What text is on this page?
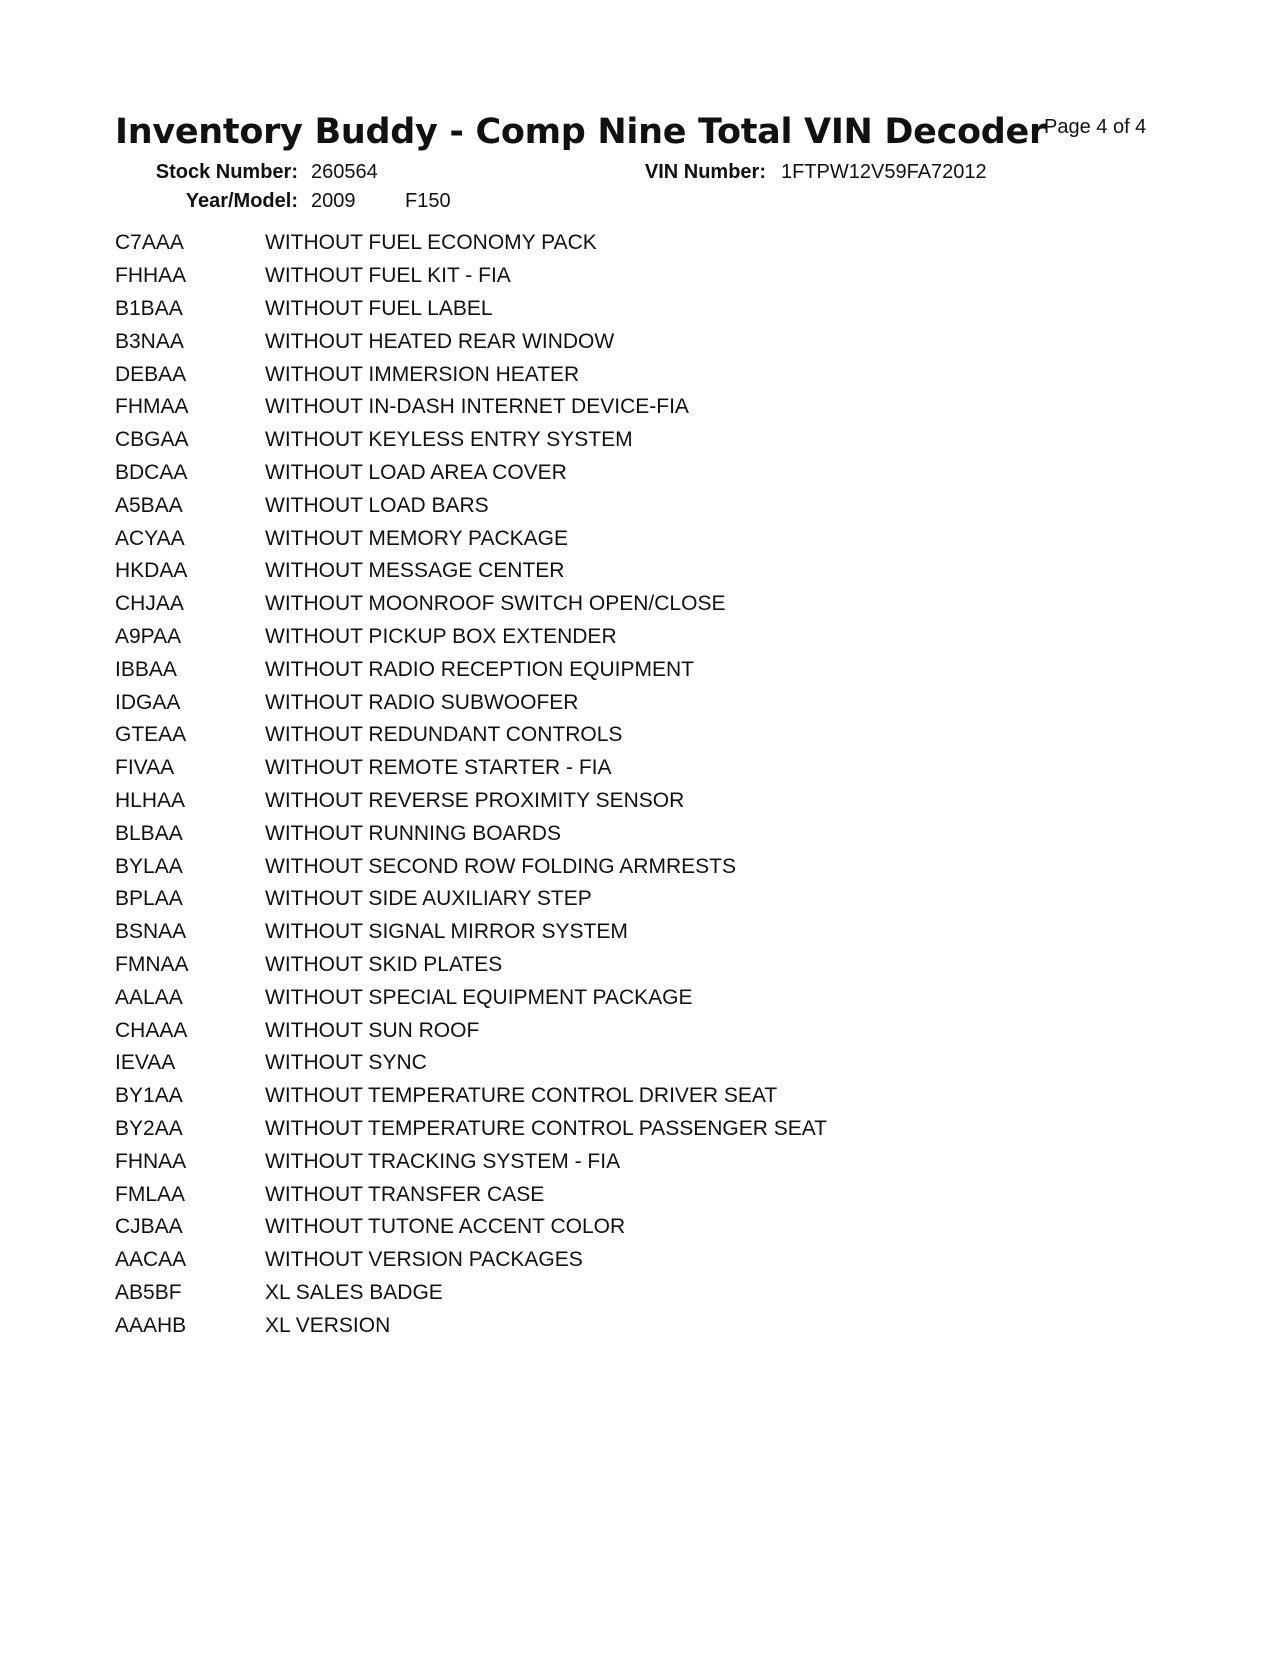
Inventory Buddy - Comp Nine Total VIN Decoder
Page 4 of 4
Stock Number: 260564	VIN Number: 1FTPW12V59FA72012
Year/Model: 2009 F150
C7AAA	WITHOUT FUEL ECONOMY PACK
FHHAA	WITHOUT FUEL KIT - FIA
B1BAA	WITHOUT FUEL LABEL
B3NAA	WITHOUT HEATED REAR WINDOW
DEBAA	WITHOUT IMMERSION HEATER
FHMAA	WITHOUT IN-DASH INTERNET DEVICE-FIA
CBGAA	WITHOUT KEYLESS ENTRY SYSTEM
BDCAA	WITHOUT LOAD AREA COVER
A5BAA	WITHOUT LOAD BARS
ACYAA	WITHOUT MEMORY PACKAGE
HKDAA	WITHOUT MESSAGE CENTER
CHJAA	WITHOUT MOONROOF SWITCH OPEN/CLOSE
A9PAA	WITHOUT PICKUP BOX EXTENDER
IBBAA	WITHOUT RADIO RECEPTION EQUIPMENT
IDGAA	WITHOUT RADIO SUBWOOFER
GTEAA	WITHOUT REDUNDANT CONTROLS
FIVAA	WITHOUT REMOTE STARTER - FIA
HLHAA	WITHOUT REVERSE PROXIMITY SENSOR
BLBAA	WITHOUT RUNNING BOARDS
BYLAA	WITHOUT SECOND ROW FOLDING ARMRESTS
BPLAA	WITHOUT SIDE AUXILIARY STEP
BSNAA	WITHOUT SIGNAL MIRROR SYSTEM
FMNAA	WITHOUT SKID PLATES
AALAA	WITHOUT SPECIAL EQUIPMENT PACKAGE
CHAAA	WITHOUT SUN ROOF
IEVAA	WITHOUT SYNC
BY1AA	WITHOUT TEMPERATURE CONTROL DRIVER SEAT
BY2AA	WITHOUT TEMPERATURE CONTROL PASSENGER SEAT
FHNAA	WITHOUT TRACKING SYSTEM - FIA
FMLAA	WITHOUT TRANSFER CASE
CJBAA	WITHOUT TUTONE ACCENT COLOR
AACAA	WITHOUT VERSION PACKAGES
AB5BF	XL SALES BADGE
AAAHB	XL VERSION
